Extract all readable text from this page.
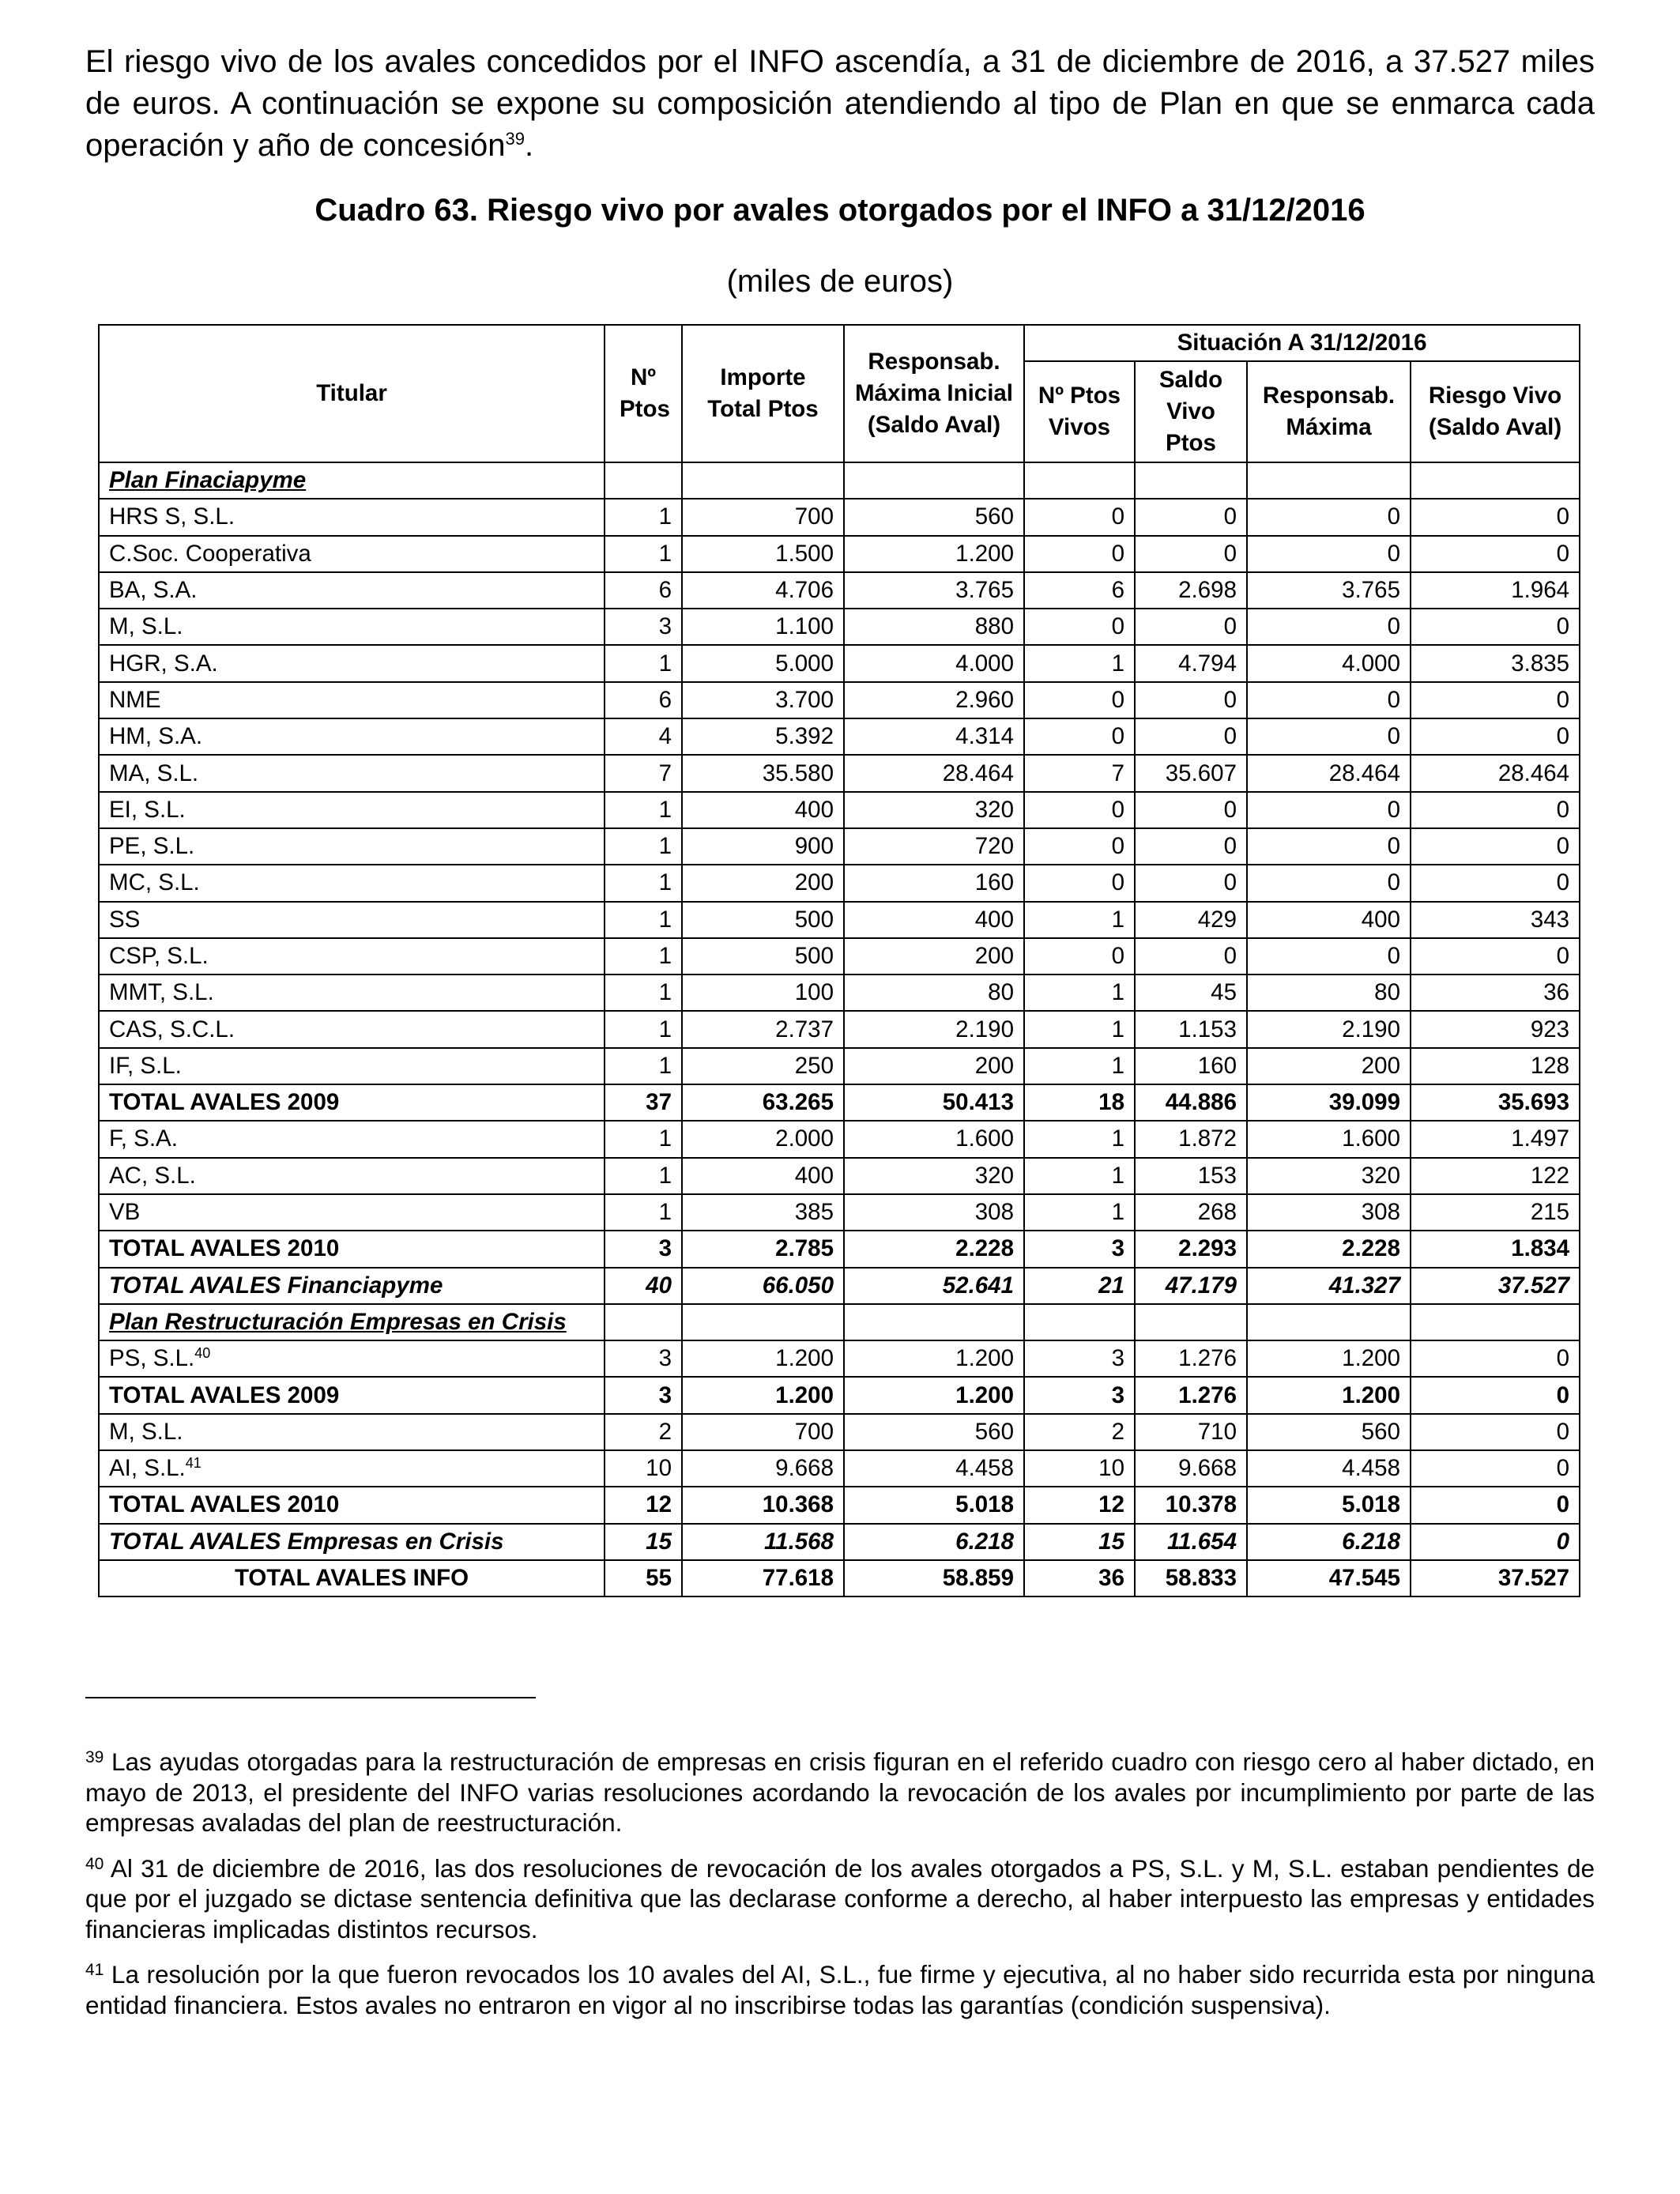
El riesgo vivo de los avales concedidos por el INFO ascendía, a 31 de diciembre de 2016, a 37.527 miles de euros. A continuación se expone su composición atendiendo al tipo de Plan en que se enmarca cada operación y año de concesión$^{39}$.

Cuadro 63. Riesgo vivo por avales otorgados por el INFO a 31/12/2016
(miles de euros)
Titular	Nº Ptos	Importe Total Ptos	Responsab. Máxima Inicial (Saldo Aval)	Situación A 31/12/2016			

				Nº Ptos Vivos	Saldo Vivo Ptos	Responsab. Máxima	Riesgo Vivo (Saldo Aval)

Plan Finaciapyme							
HRS S, S.L.	1	700	560	0	0	0	0
C.Soc. Cooperativa	1	1.500	1.200	0	0	0	0
BA, S.A.	6	4.706	3.765	6	2.698	3.765	1.964
M, S.L.	3	1.100	880	0	0	0	0
HGR, S.A.	1	5.000	4.000	1	4.794	4.000	3.835
NME	6	3.700	2.960	0	0	0	0
HM, S.A.	4	5.392	4.314	0	0	0	0
MA, S.L.	7	35.580	28.464	7	35.607	28.464	28.464
EI, S.L.	1	400	320	0	0	0	0
PE, S.L.	1	900	720	0	0	0	0
MC, S.L.	1	200	160	0	0	0	0
SS	1	500	400	1	429	400	343
CSP, S.L.	1	500	200	0	0	0	0
MMT, S.L.	1	100	80	1	45	80	36
CAS, S.C.L.	1	2.737	2.190	1	1.153	2.190	923
IF, S.L.	1	250	200	1	160	200	128
TOTAL AVALES 2009	37	63.265	50.413	18	44.886	39.099	35.693
F, S.A.	1	2.000	1.600	1	1.872	1.600	1.497
AC, S.L.	1	400	320	1	153	320	122
VB	1	385	308	1	268	308	215
TOTAL AVALES 2010	3	2.785	2.228	3	2.293	2.228	1.834
TOTAL AVALES Financiapyme	40	66.050	52.641	21	47.179	41.327	37.527
Plan Restructuración Empresas en Crisis							
PS, S.L.$^{40}$	3	1.200	1.200	3	1.276	1.200	0
TOTAL AVALES 2009	3	1.200	1.200	3	1.276	1.200	0
M, S.L.	2	700	560	2	710	560	0
AI, S.L.$^{41}$	10	9.668	4.458	10	9.668	4.458	0
TOTAL AVALES 2010	12	10.368	5.018	12	10.378	5.018	0
TOTAL AVALES Empresas en Crisis	15	11.568	6.218	15	11.654	6.218	0
TOTAL AVALES INFO	55	77.618	58.859	36	58.833	47.545	37.527

$^{39}$ Las ayudas otorgadas para la restructuración de empresas en crisis figuran en el referido cuadro con riesgo cero al haber dictado, en mayo de 2013, el presidente del INFO varias resoluciones acordando la revocación de los avales por incumplimiento por parte de las empresas avaladas del plan de reestructuración.

$^{40}$ Al 31 de diciembre de 2016, las dos resoluciones de revocación de los avales otorgados a PS, S.L. y M, S.L. estaban pendientes de que por el juzgado se dictase sentencia definitiva que las declarase conforme a derecho, al haber interpuesto las empresas y entidades financieras implicadas distintos recursos.

$^{41}$ La resolución por la que fueron revocados los 10 avales del AI, S.L., fue firme y ejecutiva, al no haber sido recurrida esta por ninguna entidad financiera. Estos avales no entraron en vigor al no inscribirse todas las garantías (condición suspensiva).
